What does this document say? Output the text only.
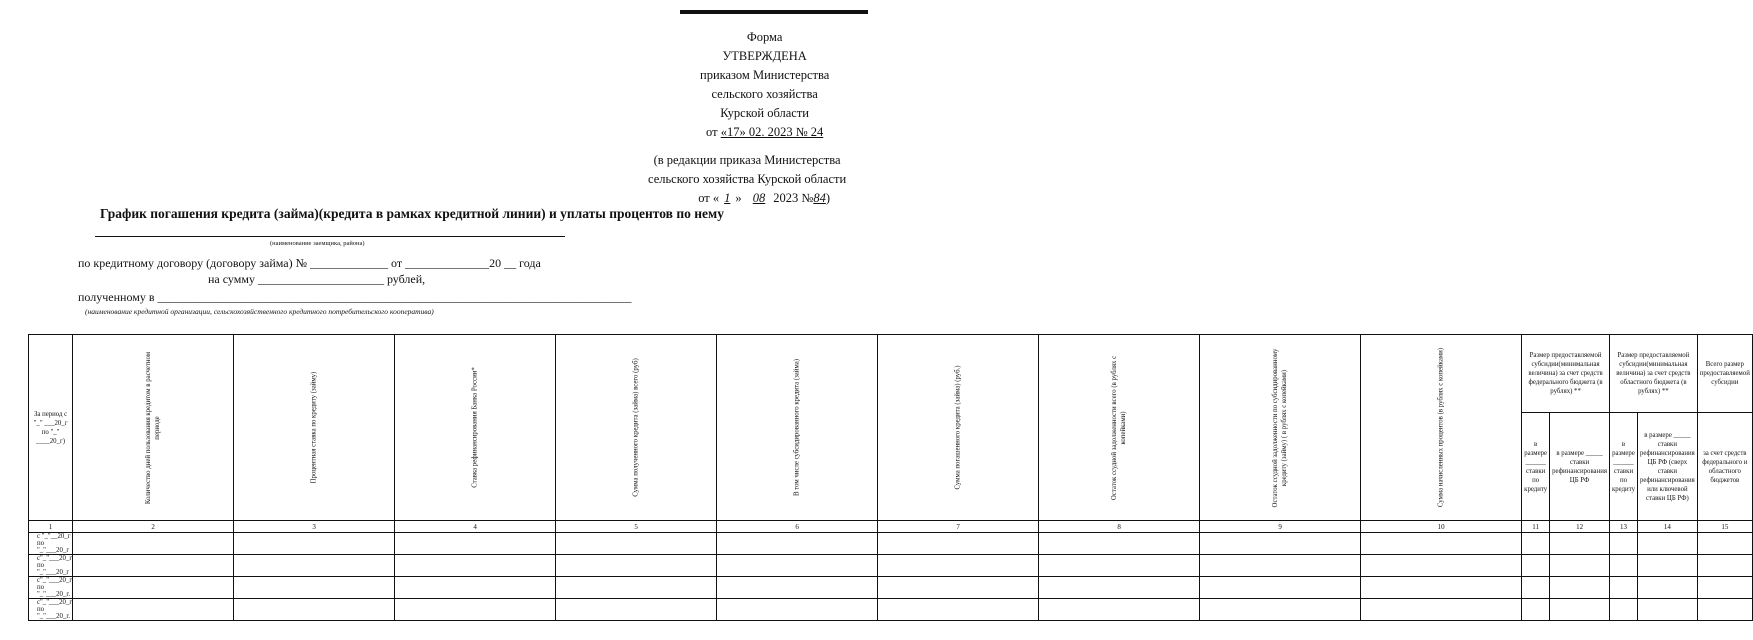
Форма
УТВЕРЖДЕНА
приказом Министерства
сельского хозяйства
Курской области
от «17» 02. 2023 № 24
(в редакции приказа Министерства
сельского хозяйства Курской области
от « 1 » 08 2023 №84)
График погашения кредита (займа)(кредита в рамках кредитной линии) и уплаты процентов по нему
(наименование заемщика, района)
по кредитному договору (договору займа) № _____________ от ______________20 __ года
на сумму _____________________ рублей,
полученному в _______________________________________________________________________________
(наименование кредитной организации, сельскохозяйственного кредитного потребительского кооператива)
За период с "_" ___20_г по "_" ____20_г)	Количество дней пользования кредитом в расчетном периоде	Процентная ставка по кредиту (займу)	Ставка рефинансирования Банка России*	Сумма полученного кредита (займа) всего (руб)	В том числе субсидированного кредита (займа)	Сумма погашенного кредита (займа) (руб.)	Остаток ссудной задолженности всего (в рублях с копейками)	Остаток ссудной задолженности по субсидированному кредиту (займу) ( в рублях с копейками)	Сумма начисленных процентов (в рублях с копейками)	Размер предоставляемой субсидии(минимальная величина) за счет средств федерального бюджета (в рублях) **		Размер предоставляемой субсидии(минимальная величина) за счет средств областного бюджета (в рублях) **		Всего размер предоставляемой субсидии
										в размере ______ ставки по кредиту	в размере _____ ставки рефинансирования ЦБ РФ	в размере ______ ставки по кредиту	в размере _____ ставки рефинансирования ЦБ РФ (сверх ставки рефинансирования или ключевой ставки ЦБ РФ)	за счет средств федерального и областного бюджетов
1	2	3	4	5	6	7	8	9	10	11	12	13	14	15
с "_"__20_г по "_"___20_г														
с"_"___20_г по "_"___20_г														
с"_"___20_г по "_"___20_г.														
с"_"___20_г по "_"___20_г.														
